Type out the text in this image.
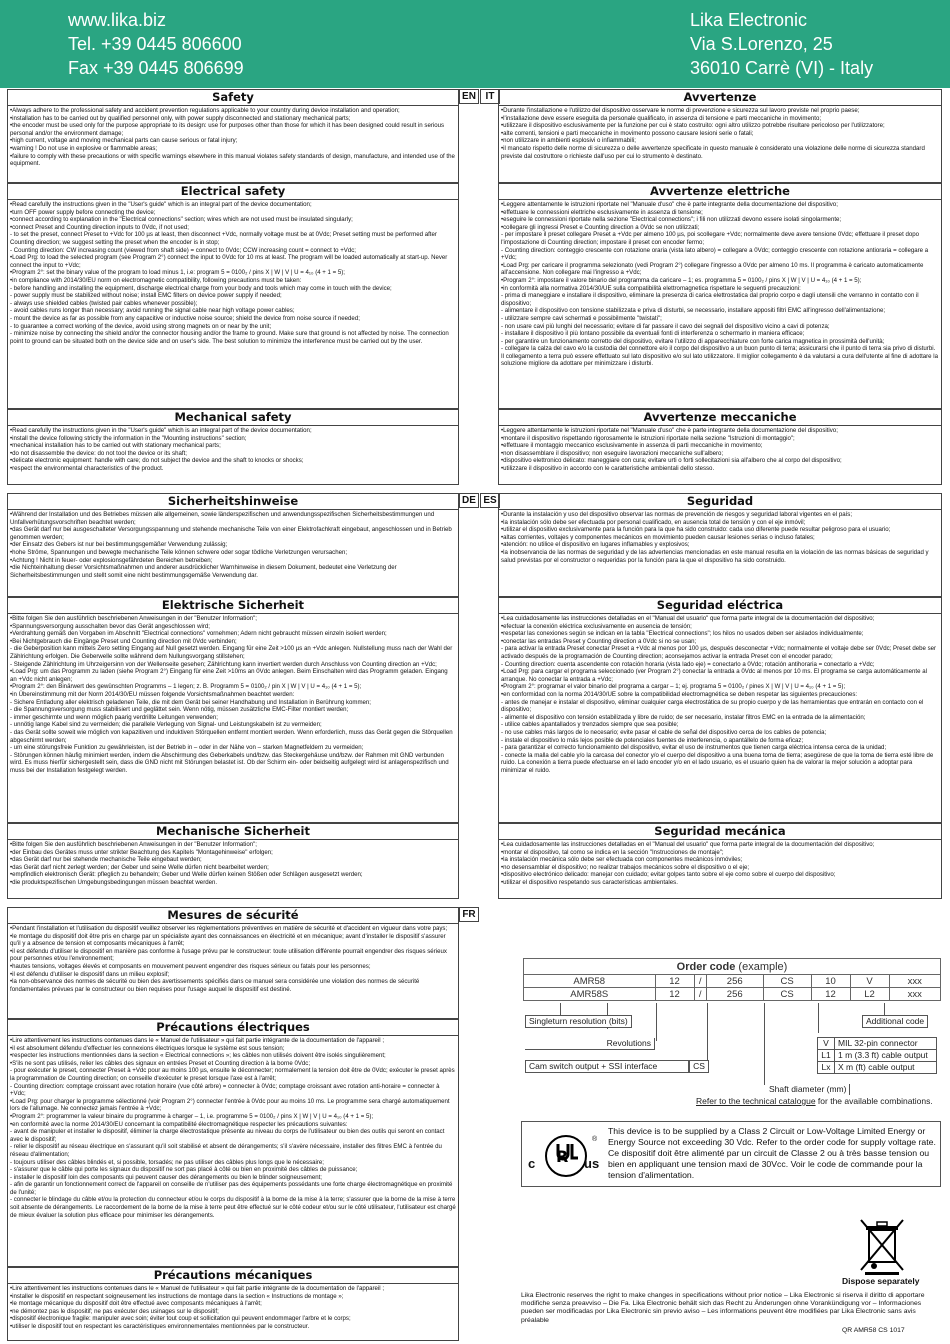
www.lika.biz
Tel. +39 0445 806600
Fax +39 0445 806699
Lika Electronic
Via S.Lorenzo, 25
36010 Carrè (VI) - Italy
Safety

•Always adhere to the professional safety and accident prevention regulations applicable to your country during device installation and operation;

•installation has to be carried out by qualified personnel only, with power supply disconnected and stationary mechanical parts;

•the encoder must be used only for the purpose appropriate to its design: use for purposes other than those for which it has been designed could result in serious personal and/or the environment damage;

•high current, voltage and moving mechanical parts can cause serious or fatal injury;

•warning ! Do not use in explosive or flammable areas;

•failure to comply with these precautions or with specific warnings elsewhere in this manual violates safety standards of design, manufacture, and intended use of the equipment.

Electrical safety

•Read carefully the instructions given in the "User's guide" which is an integral part of the device documentation;

•turn OFF power supply before connecting the device;

•connect according to explanation in the "Electrical connections" section; wires which are not used must be insulated singularly;

•connect Preset and Counting direction inputs to 0Vdc, if not used;

- to set the preset, connect Preset to +Vdc for 100 µs at least, then disconnect +Vdc, normally voltage must be at 0Vdc; Preset setting must be performed after Counting direction; we suggest setting the preset when the encoder is in stop;

- Counting direction: CW increasing count (viewed from shaft side) = connect to 0Vdc; CCW increasing count = connect to +Vdc;

•Load Prg: to load the selected program (see Program 2°) connect the input to 0Vdc for 10 ms at least. The program will be loaded automatically at start-up. Never connect the input to +Vdc;

•Program 2°: set the binary value of the program to load minus 1, i.e: program 5 = 0100₂ / pins X | W | V | U = 4₁₀ (4 + 1 = 5);

•in compliance with 2014/30/EU norm on electromagnetic compatibility, following precautions must be taken:

- before handling and installing the equipment, discharge electrical charge from your body and tools which may come in touch with the device;

- power supply must be stabilized without noise; install EMC filters on device power supply if needed;

- always use shielded cables (twisted pair cables whenever possible);

- avoid cables runs longer than necessary; avoid running the signal cable near high voltage power cables;

- mount the device as far as possible from any capacitive or inductive noise source; shield the device from noise source if needed;

- to guarantee a correct working of the device, avoid using strong magnets on or near by the unit;

- minimize noise by connecting the shield and/or the connector housing and/or the frame to ground. Make sure that ground is not affected by noise. The connection point to ground can be situated both on the device side and on user's side. The best solution to minimize the interference must be carried out by the user.

Mechanical safety

•Read carefully the instructions given in the "User's guide" which is an integral part of the device documentation;

•install the device following strictly the information in the "Mounting instructions" section;

•mechanical installation has to be carried out with stationary mechanical parts;

•do not disassemble the device: do not tool the device or its shaft;

•delicate electronic equipment: handle with care; do not subject the device and the shaft to knocks or shocks;

•respect the environmental characteristics of the product.

EN IT	Avvertenze

•Durante l'installazione e l'utilizzo del dispositivo osservare le norme di prevenzione e sicurezza sul lavoro previste nel proprio paese;

•l'installazione deve essere eseguita da personale qualificato, in assenza di tensione e parti meccaniche in movimento;

•utilizzare il dispositivo esclusivamente per la funzione per cui è stato costruito: ogni altro utilizzo potrebbe risultare pericoloso per l'utilizzatore;

•alte correnti, tensioni e parti meccaniche in movimento possono causare lesioni serie o fatali;

•non utilizzare in ambienti esplosivi o infiammabili;

•il mancato rispetto delle norme di sicurezza o delle avvertenze specificate in questo manuale è considerato una violazione delle norme di sicurezza standard previste dal costruttore o richieste dall'uso per cui lo strumento è destinato.

Avvertenze elettriche

•Leggere attentamente le istruzioni riportate nel "Manuale d'uso" che è parte integrante della documentazione del dispositivo;

•effettuare le connessioni elettriche esclusivamente in assenza di tensione;

•eseguire le connessioni riportate nella sezione "Electrical connections"; i fili non utilizzati devono essere isolati singolarmente;

•collegare gli ingressi Preset e Counting direction a 0Vdc se non utilizzati;

- per impostare il preset collegare Preset a +Vdc per almeno 100 µs, poi scollegare +Vdc; normalmente deve avere tensione 0Vdc; effettuare il preset dopo l'impostazione di Counting direction; impostare il preset con encoder fermo;

- Counting direction: conteggio crescente con rotazione oraria (vista lato albero) = collegare a 0Vdc; conteggio crescente con rotazione antioraria = collegare a +Vdc;

•Load Prg: per caricare il programma selezionato (vedi Program 2°) collegare l'ingresso a 0Vdc per almeno 10 ms. Il programma è caricato automaticamente all'accensione. Non collegare mai l'ingresso a +Vdc;

•Program 2°: impostare il valore binario del programma da caricare – 1; es. programma 5 = 0100₂ / pins X | W | V | U = 4₁₀ (4 + 1 = 5);

•in conformità alla normativa 2014/30/UE sulla compatibilità elettromagnetica rispettare le seguenti precauzioni:

- prima di maneggiare e installare il dispositivo, eliminare la presenza di carica elettrostatica dal proprio corpo e dagli utensili che verranno in contatto con il dispositivo;

- alimentare il dispositivo con tensione stabilizzata e priva di disturbi, se necessario, installare appositi filtri EMC all'ingresso dell'alimentazione;

- utilizzare sempre cavi schermati e possibilmente "twistati";

- non usare cavi più lunghi del necessario; evitare di far passare il cavo dei segnali del dispositivo vicino a cavi di potenza;

- installare il dispositivo il più lontano possibile da eventuali fonti di interferenza o schermarlo in maniera efficace;

- per garantire un funzionamento corretto del dispositivo, evitare l'utilizzo di apparecchiature con forte carica magnetica in prossimità dell'unità;

- collegare la calza del cavo e/o la custodia del connettore e/o il corpo del dispositivo a un buon punto di terra; assicurarsi che il punto di terra sia privo di disturbi. Il collegamento a terra può essere effettuato sul lato dispositivo e/o sul lato utilizzatore. Il miglior collegamento è da valutarsi a cura dell'utente al fine di adottare la soluzione migliore da adottare per minimizzare i disturbi.

Avvertenze meccaniche

•Leggere attentamente le istruzioni riportate nel "Manuale d'uso" che è parte integrante della documentazione del dispositivo;

•montare il dispositivo rispettando rigorosamente le istruzioni riportate nella sezione "Istruzioni di montaggio";

•effettuare il montaggio meccanico esclusivamente in assenza di parti meccaniche in movimento;

•non disassemblare il dispositivo; non eseguire lavorazioni meccaniche sull'albero;

•dispositivo elettronico delicato: maneggiare con cura; evitare urti o forti sollecitazioni sia all'albero che al corpo del dispositivo;

•utilizzare il dispositivo in accordo con le caratteristiche ambientali dello stesso.

Sicherheitshinweise

•Während der Installation und des Betriebes müssen alle allgemeinen, sowie länderspezifischen und anwendungsspezifischen Sicherheitsbestimmungen und Unfallverhütungsvorschriften beachtet werden;

•das Gerät darf nur bei ausgeschalteter Versorgungsspannung und stehende mechanische Teile von einer Elektrofachkraft eingebaut, angeschlossen und in Betrieb genommen werden;

•der Einsatz des Gebers ist nur bei bestimmungsgemäßer Verwendung zulässig;

•hohe Ströme, Spannungen und bewegte mechanische Teile können schwere oder sogar tödliche Verletzungen verursachen;

•Achtung ! Nicht in feuer- oder explosionsgefährdeten Bereichen betreiben;

•die Nichteinhaltung dieser Vorsichtsmaßnahmen und anderer ausdrücklicher Warnhinweise in diesem Dokument, bedeutet eine Verletzung der Sicherheitsbestimmungen und stellt somit eine nicht bestimmungsgemäße Verwendung dar.

Elektrische Sicherheit

•Bitte folgen Sie den ausführlich beschriebenen Anweisungen in der "Benutzer Information";

•Spannungsversorgung ausschalten bevor das Gerät angeschlossen wird;

•Verdrahtung gemäß den Vorgaben im Abschnitt "Electrical connections" vornehmen; Adern nicht gebraucht müssen einzeln isoliert werden;

•Bei Nichtgebrauch die Eingänge Preset und Counting direction mit 0Vdc verbinden;

- die Geberposition kann mittels Zero setting Eingang auf Null gesetzt werden. Eingang für eine Zeit >100 µs an +Vdc anlegen. Nullstellung muss nach der Wahl der Zählrichtung erfolgen. Die Geberwelle sollte während dem Nullungsvorgang stillstehen;

- Steigende Zählrichtung im Uhrzeigersinn von der Wellenseite gesehen; Zählrichtung kann invertiert werden durch Anschluss von Counting direction an +Vdc;

•Load Prg: um das Programm zu laden (siehe Program 2°) Eingang für eine Zeit >10ms an 0Vdc anlegen. Beim Einschalten wird das Programm geladen. Eingang an +Vdc nicht anlegen;

•Program 2°: den Binärwert des gewünschten Programms – 1 legen; z. B. Programm 5 = 0100₂ / pin X | W | V | U = 4₁₀ (4 + 1 = 5);

•in Übereinstimmung mit der Norm 2014/30/EU müssen folgende Vorsichtsmaßnahmen beachtet werden:

- Sichere Entladung aller elektrisch geladenen Teile, die mit dem Gerät bei seiner Handhabung und Installation in Berührung kommen;

- die Spannungsversorgung muss stabilisiert und geglättet sein. Wenn nötig, müssen zusätzliche EMC-Filter montiert werden;

- immer geschirmte und wenn möglich paarig verdrillte Leitungen verwenden;

- unnötig lange Kabel sind zu vermeiden; die parallele Verlegung von Signal- und Leistungskabeln ist zu vermeiden;

- das Gerät sollte soweit wie möglich von kapazitiven und induktiven Störquellen entfernt montiert werden. Wenn erforderlich, muss das Gerät gegen die Störquellen abgeschirmt werden;

- um eine störungsfreie Funktion zu gewährleisten, ist der Betrieb in – oder in der Nähe von – starken Magnetfeldern zu vermeiden;

- Störungen können häufig minimiert werden, indem die Abschirmung des Geberkabels und/bzw. das Steckergehäuse und/bzw. der Rahmen mit GND verbunden wird. Es muss hierfür sichergestellt sein, dass die GND nicht mit Störungen belastet ist. Ob der Schirm ein- oder beidseitig aufgelegt wird ist anlagenspezifisch und muss bei der Installation festgelegt werden.

Mechanische Sicherheit

•Bitte folgen Sie den ausführlich beschriebenen Anweisungen in der "Benutzer Information";

•der Einbau des Gerätes muss unter strikter Beachtung des Kapitels "Montagehinweise" erfolgen;

•das Gerät darf nur bei stehende mechanische Teile eingebaut werden;

•das Gerät darf nicht zerlegt werden; der Geber und seine Welle dürfen nicht bearbeitet werden;

•empfindlich elektronisch Gerät: pfleglich zu behandeln; Geber und Welle dürfen keinen Stößen oder Schlägen ausgesetzt werden;

•die produktspezifischen Umgebungsbedingungen müssen beachtet werden.

DE ES	Seguridad

•Durante la instalación y uso del dispositivo observar las normas de prevención de riesgos y seguridad laboral vigentes en el país;

•la instalación sólo debe ser efectuada por personal cualificado, en ausencia total de tensión y con el eje inmóvil;

•utilizar el dispositivo exclusivamente para la función para la que ha sido construido: cada uso diferente puede resultar peligroso para el usuario;

•altas corrientes, voltajes y componentes mecánicos en movimiento pueden causar lesiones serias o incluso fatales;

•atención: no utilice el dispositivo en lugares inflamables y explosivos;

•la inobservancia de las normas de seguridad y de las advertencias mencionadas en este manual resulta en la violación de las normas básicas de seguridad y salud previstas por el constructor o requeridas por la función para la que el dispositivo ha sido construido.

Seguridad eléctrica

•Lea cuidadosamente las instrucciones detalladas en el "Manual del usuario" que forma parte integral de la documentación del dispositivo;

•efectuar la conexión eléctrica exclusivamente en ausencia de tensión;

•respetar las conexiones según se indican en la tabla "Electrical connections"; los hilos no usados deben ser aislados individualmente;

•conectar las entradas Preset y Counting direction a 0Vdc si no se usan;

- para activar la entrada Preset conectar Preset a +Vdc al menos por 100 µs, después desconectar +Vdc; normalmente el voltaje debe ser 0Vdc; Preset debe ser activado después de la programación de Counting direction; aconsejamos activar la entrada Preset con el encoder parado;

- Counting direction: cuenta ascendente con rotación horaria (vista lado eje) = conectarlo a 0Vdc; rotación antihoraria = conectarlo a +Vdc;

•Load Prg: para cargar el programa seleccionado (ver Program 2°) conectar la entrada a 0Vdc al menos por 10 ms. El programa se carga automáticamente al arranque. No conectar la entrada a +Vdc;

•Program 2°: programar el valor binario del programa a cargar – 1; ej. programa 5 = 0100₂ / pines X | W | V | U = 4₁₀ (4 + 1 = 5);

•en conformidad con la norma 2014/30/UE sobre la compatibilidad electromagnética se deben respetar las siguientes precauciones:

- antes de manejar e instalar el dispositivo, eliminar cualquier carga electrostática de su propio cuerpo y de las herramientas que entrarán en contacto con el dispositivo;

- alimente el dispositivo con tensión estabilizada y libre de ruido; de ser necesario, instalar filtros EMC en la entrada de la alimentación;

- utilice cables apantallados y trenzados siempre que sea posible;

- no use cables más largos de lo necesario; evite pasar el cable de señal del dispositivo cerca de los cables de potencia;

- instale el dispositivo lo más lejos posible de potenciales fuentes de interferencia, o apantállelo de forma eficaz;

- para garantizar el correcto funcionamiento del dispositivo, evitar el uso de instrumentos que tienen carga eléctrica intensa cerca de la unidad;

- conecte la malla del cable y/o la carcasa del conector y/o el cuerpo del dispositivo a una buena toma de tierra; asegúrese de que la toma de tierra esté libre de ruido. La conexión a tierra puede efectuarse en el lado encoder y/o en el lado usuario, es el usuario quien ha de valorar la mejor solución a adoptar para minimizar el ruido.

Seguridad mecánica

•Lea cuidadosamente las instrucciones detalladas en el "Manual del usuario" que forma parte integral de la documentación del dispositivo;

•montar el dispositivo, tal como se indica en la sección "Instrucciones de montaje";

•la instalación mecánica sólo debe ser efectuada con componentes mecánicos inmóviles;

•no desensamblar el dispositivo; no realizar trabajos mecánicos sobre el dispositivo o el eje;

•dispositivo electrónico delicado: manejar con cuidado; evitar golpes tanto sobre el eje como sobre el cuerpo del dispositivo;

•utilizar el dispositivo respetando sus características ambientales.

Mesures de sécurité

•Pendant l'installation et l'utilisation du dispositif veuillez observer les réglementations préventives en matière de sécurité et d'accident en vigueur dans votre pays;

•le montage du dispositif doit être pris en charge par un spécialiste ayant des connaissances en électricité et en mécanique; avant d'installer le dispositif s'assurer qu'il y a absence de tension et composants mécaniques à l'arrêt;

•il est défendu d'utiliser le dispositif en manière pas conforme à l'usage prévu par le constructeur: toute utilisation différente pourrait engendrer des risques sérieux pour personnes et/ou l'environnement;

•hautes tensions, voltages élevés et composants en mouvement peuvent engendrer des risques sérieux ou fatals pour les personnes;

•il est défendu d'utiliser le dispositif dans un milieu explosif;

•la non-observance des normes de sécurité ou bien des avertissements spécifiés dans ce manuel sera considérée une violation des normes de sécurité fondamentales prévues par le constructeur ou bien requises pour l'usage auquel le dispositif est destiné.

Précautions électriques

•Lire attentivement les instructions contenues dans le « Manuel de l'utilisateur » qui fait partie intégrante de la documentation de l'appareil ;

•il est absolument défendu d'effectuer les connexions électriques lorsque le système est sous tension;

•respecter les instructions mentionnées dans la section « Electrical connections »; les câbles non utilisés doivent être isolés singulièrement;

•S'ils ne sont pas utilisés, relier les câbles des signaux en entrées Preset et Counting direction à la borne 0Vdc;

- pour exécuter le preset, connecter Preset à +Vdc pour au moins 100 µs, ensuite le déconnecter; normalement la tension doit être de 0Vdc; exécuter le preset après la programmation de Counting direction; on conseille d'exécuter le preset lorsque l'axe est à l'arrêt;

- Counting direction: comptage croissant avec rotation horaire (vue côté arbre) = connecter à 0Vdc; comptage croissant avec rotation anti-horaire = connecter à +Vdc;

•Load Prg: pour charger le programme sélectionné (voir Program 2°) connecter l'entrée à 0Vdc pour au moins 10 ms. Le programme sera chargé automatiquement lors de l'allumage. Ne connectez jamais l'entrée à +Vdc;

•Program 2°: programmer la valeur binaire du programme à charger – 1, i.e. programme 5 = 0100₂ / pins X | W | V | U = 4₁₀ (4 + 1 = 5);

•en conformité avec la norme 2014/30/EU concernant la compatibilité électromagnétique respecter les précautions suivantes:

- avant de manipuler et installer le dispositif, éliminer la charge électrostatique présente au niveau du corps de l'utilisateur ou bien des outils qui seront en contact avec le dispositif;

- relier le dispositif au réseau électrique en s'assurant qu'il soit stabilisé et absent de dérangements; s'il s'avère nécessaire, installer des filtres EMC à l'entrée du réseau d'alimentation;

- toujours utiliser des câbles blindés et, si possible, torsadés; ne pas utiliser des câbles plus longs que le nécessaire;

- s'assurer que le câble qui porte les signaux du dispositif ne sort pas placé à côté ou bien en proximité des câbles de puissance;

- installer le dispositif loin des composants qui peuvent causer des dérangements ou bien le blinder soigneusement;

- afin de garantir un fonctionnement correct de l'appareil on conseille de n'utiliser pas des équipements possédants une forte charge électromagnétique en proximité de l'unité;

- connecter le blindage du câble et/ou la protection du connecteur et/ou le corps du dispositif à la borne de la mise à la terre; s'assurer que la borne de la mise à terre soit absente de dérangements. Le raccordement de la borne de la mise à terre peut être effectué sur le côté codeur et/ou sur le côté utilisateur, l'utilisateur est chargé de mieux évaluer la solution plus efficace pour minimiser les dérangements.

Précautions mécaniques

•Lire attentivement les instructions contenues dans le « Manuel de l'utilisateur » qui fait partie intégrante de la documentation de l'appareil ;

•installer le dispositif en respectant soigneusement les instructions de montage dans la section « Instructions de montage »;

•le montage mécanique du dispositif doit être effectué avec composants mécaniques à l'arrêt;

•ne démontez pas le dispositif; ne pas exécuter des usinages sur le dispositif;

•dispositif électronique fragile: manipuler avec soin; éviter tout coup et sollicitation qui peuvent endommager l'arbre et le corps;

•utiliser le dispositif tout en respectant les caractéristiques environnementales mentionnées par le constructeur.

FR
Order code (example)							
AMR58	12	/	256	CS	10	V	xxx
AMR58S	12	/	256	CS	12	L2	xxx
Singleturn resolution (bits)
Revolutions
Cam switch output + SSI interface	CS
Additional code
V	MIL 32-pin connector
L1 1 m (3.3 ft) cable output
Lx X m (ft) cable output
Shaft diameter (mm)
Refer to the technical catalogue for the available combinations.
R
c	us
®
This device is to be supplied by a Class 2 Circuit or Low-Voltage Limited Energy or Energy Source not exceeding 30 Vdc. Refer to the order code for supply voltage rate. Ce dispositif doit être alimenté par un circuit de Classe 2 ou à très basse tension ou bien en appliquant une tension maxi de 30Vcc. Voir le code de commande pour la tension d'alimentation.
Dispose separately
Lika Electronic reserves the right to make changes in specifications without prior notice – Lika Electronic si riserva il diritto di apportare modifiche senza preavviso – Die Fa. Lika Electronic behält sich das Recht zu Änderungen ohne Vorankündigung vor – Informaciones pueden ser modificadas por Lika Electronic sin previo aviso – Les informations peuvent être modifiées par Lika Electronic sans avis préalable
QR AMR58 CS 1017
